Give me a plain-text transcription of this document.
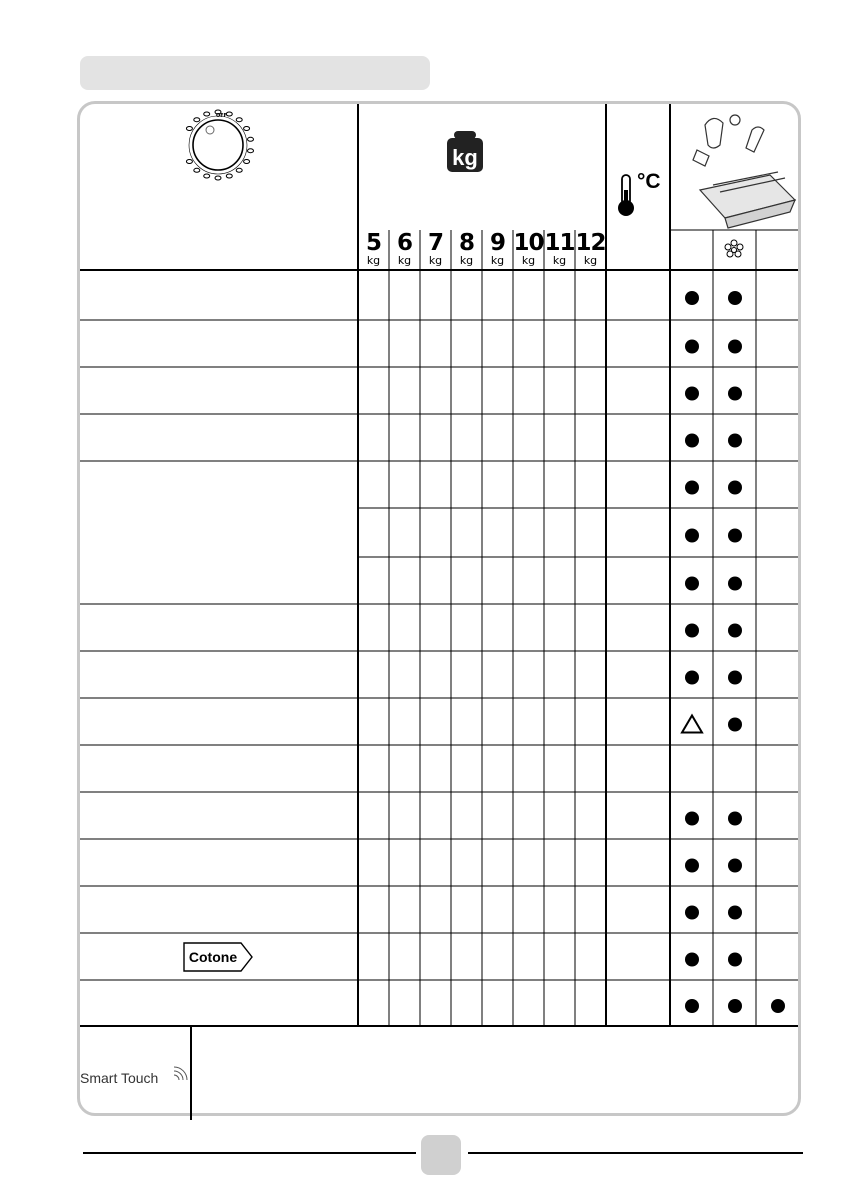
OFF
kg
°C
5
kg
6
kg
7
kg
8
kg
9
kg
10
kg
11
kg
12
kg
Cotone
Smart Touch
